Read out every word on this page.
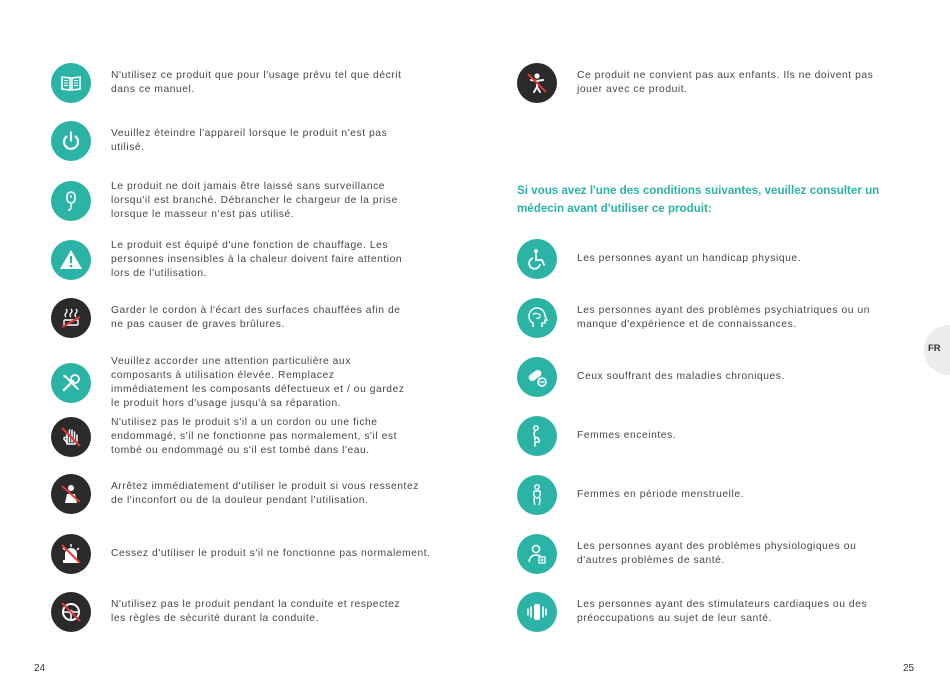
N'utilisez ce produit que pour l'usage prévu tel que décrit
dans ce manuel.
Veuillez éteindre l'appareil lorsque le produit n'est pas
utilisé.
Le produit ne doit jamais être laissé sans surveillance
lorsqu'il est branché. Débrancher le chargeur de la prise
lorsque le masseur n'est pas utilisé.
Le produit est équipé d'une fonction de chauffage. Les
personnes insensibles à la chaleur doivent faire attention
lors de l'utilisation.
Garder le cordon à l'écart des surfaces chauffées afin de
ne pas causer de graves brûlures.
Veuillez accorder une attention particulière aux
composants à utilisation élevée. Remplacez
immédiatement les composants défectueux et / ou gardez
le produit hors d'usage jusqu'à sa réparation.
N'utilisez pas le produit s'il a un cordon ou une fiche
endommagé, s'il ne fonctionne pas normalement, s'il est
tombé ou endommagé ou s'il est tombé dans l'eau.
Arrêtez immédiatement d'utiliser le produit si vous ressentez
de l'inconfort ou de la douleur pendant l'utilisation.
Cessez d'utiliser le produit s'il ne fonctionne pas normalement.
N'utilisez pas le produit pendant la conduite et respectez
les règles de sécurité durant la conduite.
Ce produit ne convient pas aux enfants. Ils ne doivent pas
jouer avec ce produit.
Si vous avez l'une des conditions suivantes, veuillez consulter un
médecin avant d'utiliser ce produit:
Les personnes ayant un handicap physique.
Les personnes ayant des problèmes psychiatriques ou un
manque d'expérience et de connaissances.
Ceux souffrant des maladies chroniques.
Femmes enceintes.
Femmes en période menstruelle.
Les personnes ayant des problèmes physiologiques ou
d'autres problèmes de santé.
Les personnes ayant des stimulateurs cardiaques ou des
préoccupations au sujet de leur santé.
24	25
FR
